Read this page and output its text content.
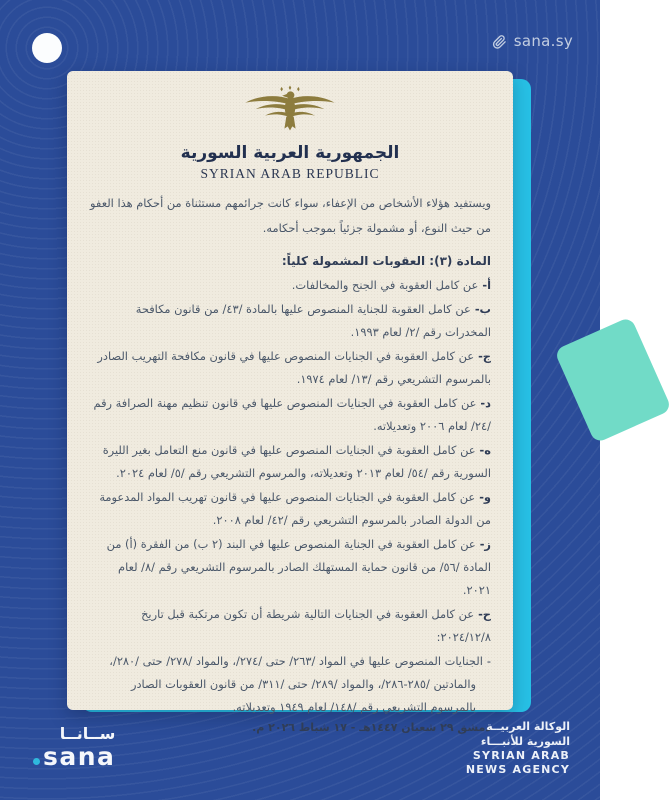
sana.sy
الجمهورية العربية السورية
SYRIAN ARAB REPUBLIC

ويستفيد هؤلاء الأشخاص من الإعفاء، سواء كانت جرائمهم مستثناة من أحكام هذا العفو من حيث النوع، أو مشمولة جزئياً بموجب أحكامه.

المادة (٣): العقوبات المشمولة كلياً:

أ-عن كامل العقوبة في الجنح والمخالفات.
ب-عن كامل العقوبة للجناية المنصوص عليها بالمادة /٤٣/ من قانون مكافحة المخدرات رقم /٢/ لعام ١٩٩٣.
ج-عن كامل العقوبة في الجنايات المنصوص عليها في قانون مكافحة التهريب الصادر بالمرسوم التشريعي رقم /١٣/ لعام ١٩٧٤.
د-عن كامل العقوبة في الجنايات المنصوص عليها في قانون تنظيم مهنة الصرافة رقم /٢٤/ لعام ٢٠٠٦ وتعديلاته.
ه-عن كامل العقوبة في الجنايات المنصوص عليها في قانون منع التعامل بغير الليرة السورية رقم /٥٤/ لعام ٢٠١٣ وتعديلاته، والمرسوم التشريعي رقم /٥/ لعام ٢٠٢٤.
و-عن كامل العقوبة في الجنايات المنصوص عليها في قانون تهريب المواد المدعومة من الدولة الصادر بالمرسوم التشريعي رقم /٤٢/ لعام ٢٠٠٨.
ز-عن كامل العقوبة في الجناية المنصوص عليها في البند (٢ ب) من الفقرة (أ) من المادة /٥٦/ من قانون حماية المستهلك الصادر بالمرسوم التشريعي رقم /٨/ لعام ٢٠٢١.
ح-عن كامل العقوبة في الجنايات التالية شريطة أن تكون مرتكبة قبل تاريخ ٢٠٢٤/١٢/٨:
-الجنايات المنصوص عليها في المواد /٢٦٣/ حتى /٢٧٤/، والمواد /٢٧٨/ حتى /٢٨٠/، والمادتين /٢٨٥-٢٨٦/، والمواد /٢٨٩/ حتى /٣١١/ من قانون العقوبات الصادر بالمرسوم التشريعي رقم /١٤٨/ لعام ١٩٤٩ وتعديلاته.

دمشق ٢٩ شعبان ١٤٤٧هـ - ١٧ شباط ٢٠٢٦ م.

ســانــا
sana
الوكالة العربيــة
السورية للأنبـــاء
SYRIAN ARAB
NEWS AGENCY
